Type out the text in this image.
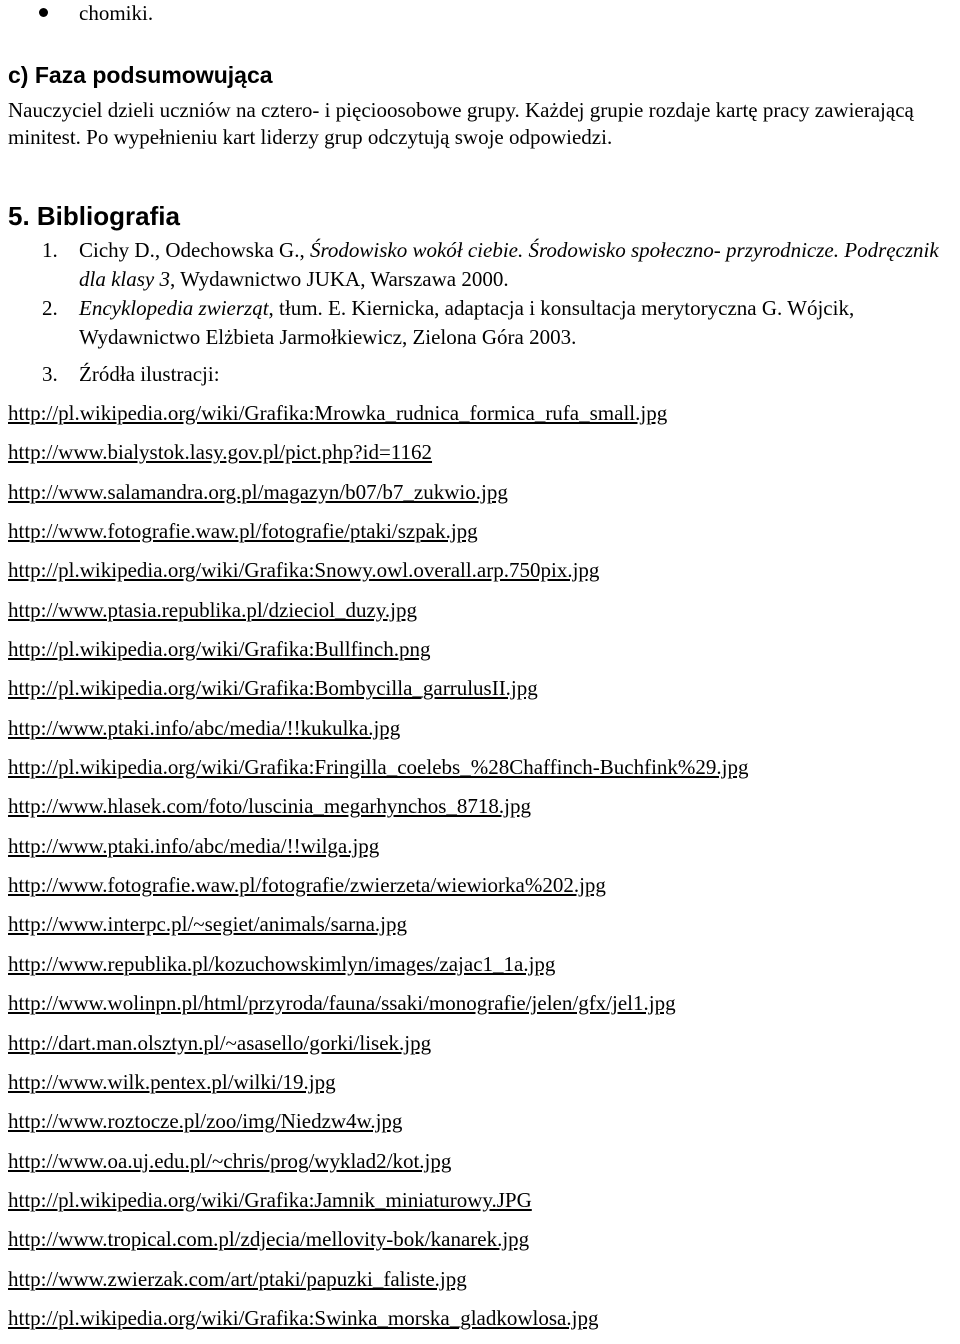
chomiki.
c) Faza podsumowująca

Nauczyciel dzieli uczniów na cztero- i pięcioosobowe grupy. Każdej grupie rozdaje kartę pracy zawierającą minitest. Po wypełnieniu kart liderzy grup odczytują swoje odpowiedzi.

5. Bibliografia
1. Cichy D., Odechowska G., Środowisko wokół ciebie. Środowisko społeczno- przyrodnicze. Podręcznik dla klasy 3, Wydawnictwo JUKA, Warszawa 2000.
2. Encyklopedia zwierząt, tłum. E. Kiernicka, adaptacja i konsultacja merytoryczna G. Wójcik, Wydawnictwo Elżbieta Jarmołkiewicz, Zielona Góra 2003.
3. Źródła ilustracji:
http://pl.wikipedia.org/wiki/Grafika:Mrowka_rudnica_formica_rufa_small.jpg
http://www.bialystok.lasy.gov.pl/pict.php?id=1162
http://www.salamandra.org.pl/magazyn/b07/b7_zukwio.jpg
http://www.fotografie.waw.pl/fotografie/ptaki/szpak.jpg
http://pl.wikipedia.org/wiki/Grafika:Snowy.owl.overall.arp.750pix.jpg
http://www.ptasia.republika.pl/dzieciol_duzy.jpg
http://pl.wikipedia.org/wiki/Grafika:Bullfinch.png
http://pl.wikipedia.org/wiki/Grafika:Bombycilla_garrulusII.jpg
http://www.ptaki.info/abc/media/!!kukulka.jpg
http://pl.wikipedia.org/wiki/Grafika:Fringilla_coelebs_%28Chaffinch-Buchfink%29.jpg
http://www.hlasek.com/foto/luscinia_megarhynchos_8718.jpg
http://www.ptaki.info/abc/media/!!wilga.jpg
http://www.fotografie.waw.pl/fotografie/zwierzeta/wiewiorka%202.jpg
http://www.interpc.pl/~segiet/animals/sarna.jpg
http://www.republika.pl/kozuchowskimlyn/images/zajac1_1a.jpg
http://www.wolinpn.pl/html/przyroda/fauna/ssaki/monografie/jelen/gfx/jel1.jpg
http://dart.man.olsztyn.pl/~asasello/gorki/lisek.jpg
http://www.wilk.pentex.pl/wilki/19.jpg
http://www.roztocze.pl/zoo/img/Niedzw4w.jpg
http://www.oa.uj.edu.pl/~chris/prog/wyklad2/kot.jpg
http://pl.wikipedia.org/wiki/Grafika:Jamnik_miniaturowy.JPG
http://www.tropical.com.pl/zdjecia/mellovity-bok/kanarek.jpg
http://www.zwierzak.com/art/ptaki/papuzki_faliste.jpg
http://pl.wikipedia.org/wiki/Grafika:Swinka_morska_gladkowlosa.jpg
